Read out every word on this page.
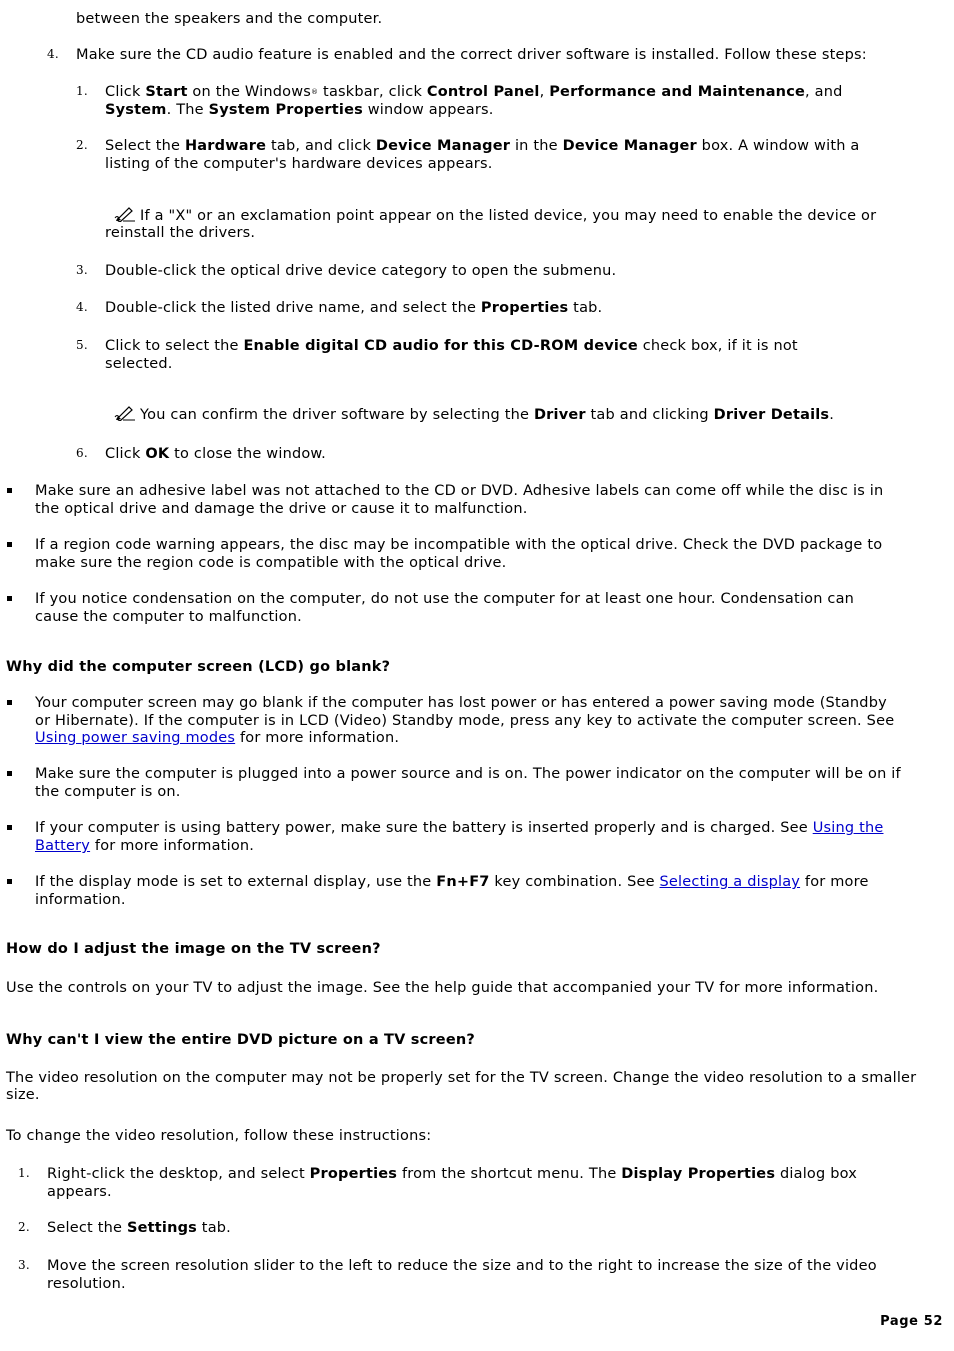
between the speakers and the computer.
4. Make sure the CD audio feature is enabled and the correct driver software is installed. Follow these steps:
1. Click Start on the Windows® taskbar, click Control Panel, Performance and Maintenance, and
System. The System Properties window appears.
2. Select the Hardware tab, and click Device Manager in the Device Manager box. A window with a
listing of the computer's hardware devices appears.
If a "X" or an exclamation point appear on the listed device, you may need to enable the device or
reinstall the drivers.
3. Double-click the optical drive device category to open the submenu.
4. Double-click the listed drive name, and select the Properties tab.
5. Click to select the Enable digital CD audio for this CD-ROM device check box, if it is not
selected.
You can confirm the driver software by selecting the Driver tab and clicking Driver Details.
6. Click OK to close the window.
Make sure an adhesive label was not attached to the CD or DVD. Adhesive labels can come off while the disc is in
the optical drive and damage the drive or cause it to malfunction.
If a region code warning appears, the disc may be incompatible with the optical drive. Check the DVD package to
make sure the region code is compatible with the optical drive.
If you notice condensation on the computer, do not use the computer for at least one hour. Condensation can
cause the computer to malfunction.
Why did the computer screen (LCD) go blank?
Your computer screen may go blank if the computer has lost power or has entered a power saving mode (Standby
or Hibernate). If the computer is in LCD (Video) Standby mode, press any key to activate the computer screen. See
Using power saving modes for more information.
Make sure the computer is plugged into a power source and is on. The power indicator on the computer will be on if
the computer is on.
If your computer is using battery power, make sure the battery is inserted properly and is charged. See Using the
Battery for more information.
If the display mode is set to external display, use the Fn+F7 key combination. See Selecting a display for more
information.
How do I adjust the image on the TV screen?
Use the controls on your TV to adjust the image. See the help guide that accompanied your TV for more information.
Why can't I view the entire DVD picture on a TV screen?
The video resolution on the computer may not be properly set for the TV screen. Change the video resolution to a smaller
size.
To change the video resolution, follow these instructions:
1. Right-click the desktop, and select Properties from the shortcut menu. The Display Properties dialog box
appears.
2. Select the Settings tab.
3. Move the screen resolution slider to the left to reduce the size and to the right to increase the size of the video
resolution.
Page 52
